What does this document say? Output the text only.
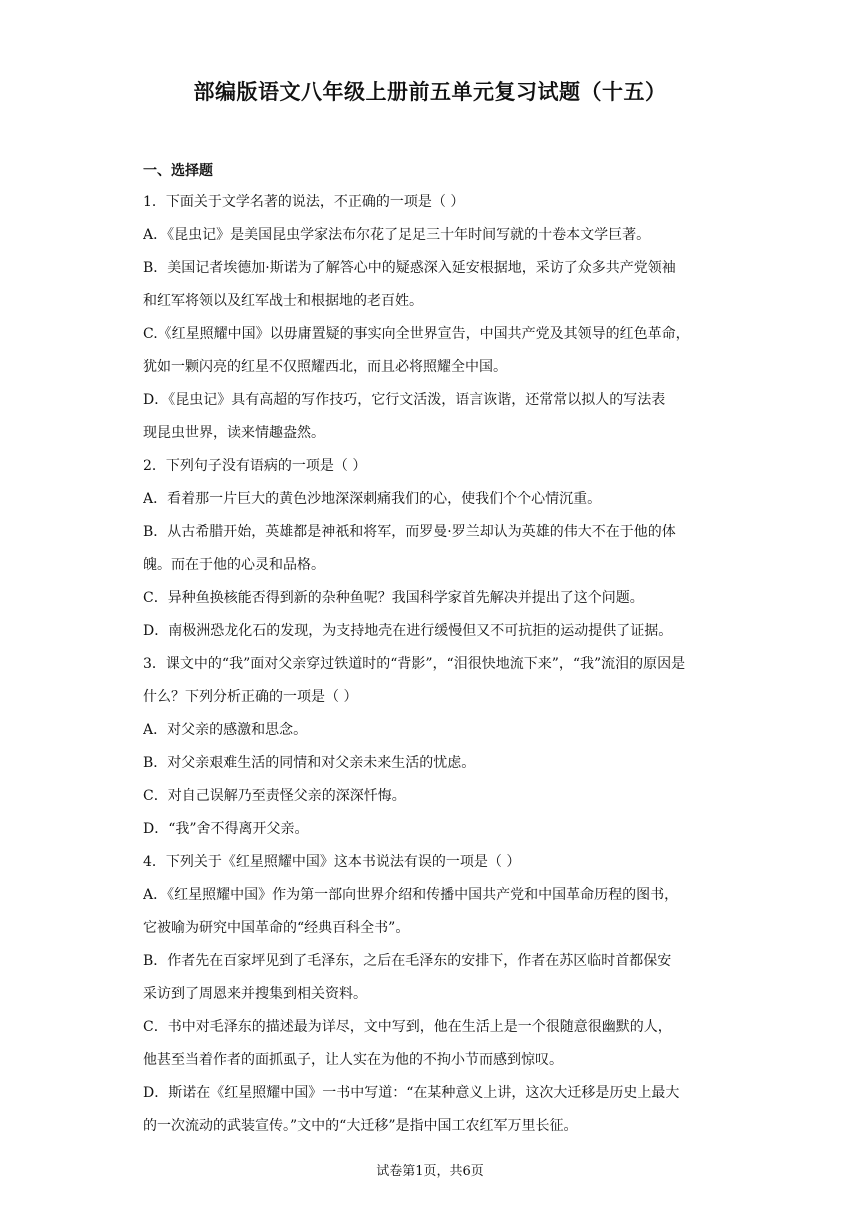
部编版语文八年级上册前五单元复习试题（十五）
一、选择题
1．下面关于文学名著的说法，不正确的一项是（ ）
A．《昆虫记》是美国昆虫学家法布尔花了足足三十年时间写就的十卷本文学巨著。
B．美国记者埃德加·斯诺为了解答心中的疑惑深入延安根据地，采访了众多共产党领袖
和红军将领以及红军战士和根据地的老百姓。
C.《红星照耀中国》以毋庸置疑的事实向全世界宣告，中国共产党及其领导的红色革命，
犹如一颗闪亮的红星不仅照耀西北，而且必将照耀全中国。
D．《昆虫记》具有高超的写作技巧，它行文活泼，语言诙谐，还常常以拟人的写法表
现昆虫世界，读来情趣盎然。
2．下列句子没有语病的一项是（ ）
A．看着那一片巨大的黄色沙地深深刺痛我们的心，使我们个个心情沉重。
B．从古希腊开始，英雄都是神祇和将军，而罗曼·罗兰却认为英雄的伟大不在于他的体
魄。而在于他的心灵和品格。
C．异种鱼换核能否得到新的杂种鱼呢？我国科学家首先解决并提出了这个问题。
D．南极洲恐龙化石的发现，为支持地壳在进行缓慢但又不可抗拒的运动提供了证据。
3．课文中的“我”面对父亲穿过铁道时的“背影”，“泪很快地流下来”，“我”流泪的原因是
什么？下列分析正确的一项是（ ）
A．对父亲的感激和思念。
B．对父亲艰难生活的同情和对父亲未来生活的忧虑。
C．对自己误解乃至责怪父亲的深深忏悔。
D．“我”舍不得离开父亲。
4．下列关于《红星照耀中国》这本书说法有误的一项是（ ）
A．《红星照耀中国》作为第一部向世界介绍和传播中国共产党和中国革命历程的图书，
它被喻为研究中国革命的“经典百科全书”。
B．作者先在百家坪见到了毛泽东，之后在毛泽东的安排下，作者在苏区临时首都保安
采访到了周恩来并搜集到相关资料。
C．书中对毛泽东的描述最为详尽，文中写到，他在生活上是一个很随意很幽默的人，
他甚至当着作者的面抓虱子，让人实在为他的不拘小节而感到惊叹。
D．斯诺在《红星照耀中国》一书中写道：“在某种意义上讲，这次大迁移是历史上最大
的一次流动的武装宣传。”文中的“大迁移”是指中国工农红军万里长征。
试卷第1页，共6页
